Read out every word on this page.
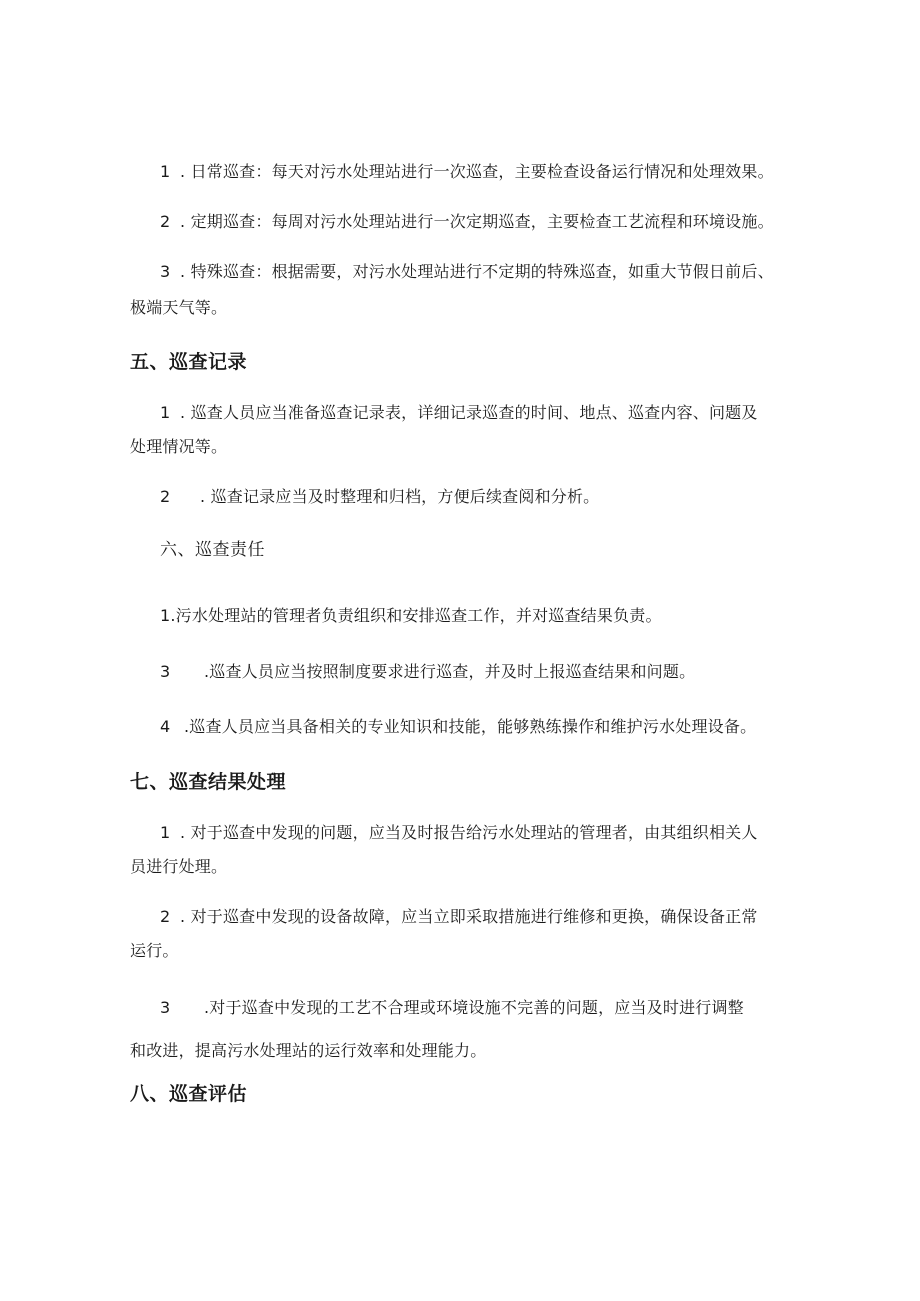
1 . 日常巡查：每天对污水处理站进行一次巡查，主要检查设备运行情况和处理效果。
2 . 定期巡查：每周对污水处理站进行一次定期巡查，主要检查工艺流程和环境设施。
3 . 特殊巡查：根据需要，对污水处理站进行不定期的特殊巡查，如重大节假日前后、
极端天气等。
五、巡查记录
1 . 巡查人员应当准备巡查记录表，详细记录巡查的时间、地点、巡查内容、问题及
处理情况等。
2 . 巡查记录应当及时整理和归档，方便后续查阅和分析。
六、巡查责任
1.污水处理站的管理者负责组织和安排巡查工作，并对巡查结果负责。
3 .巡查人员应当按照制度要求进行巡查，并及时上报巡查结果和问题。
4 .巡查人员应当具备相关的专业知识和技能，能够熟练操作和维护污水处理设备。
七、巡查结果处理
1 . 对于巡查中发现的问题，应当及时报告给污水处理站的管理者，由其组织相关人
员进行处理。
2 . 对于巡查中发现的设备故障，应当立即采取措施进行维修和更换，确保设备正常
运行。
3 .对于巡查中发现的工艺不合理或环境设施不完善的问题，应当及时进行调整
和改进，提高污水处理站的运行效率和处理能力。
八、巡查评估
